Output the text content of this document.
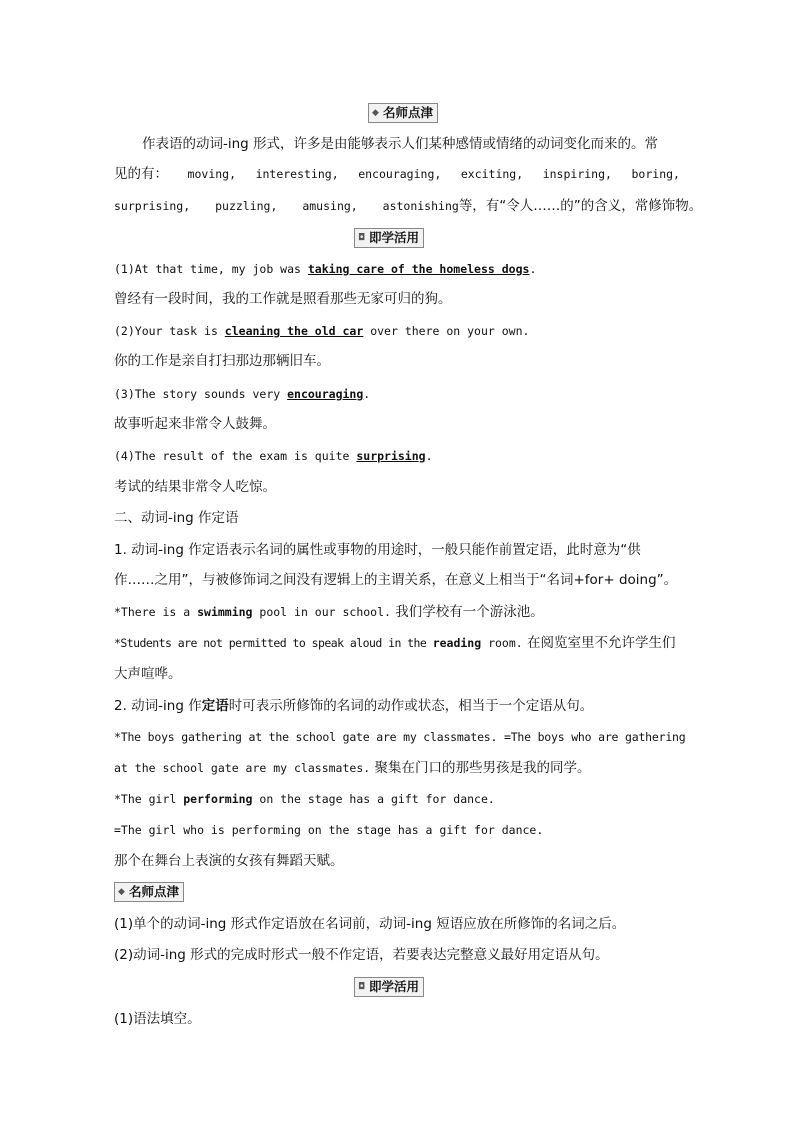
◆ 名师点津
作表语的动词-ing 形式，许多是由能够表示人们某种感情或情绪的动词变化而来的。常
见的有： moving, interesting, encouraging, exciting, inspiring, boring,
surprising, puzzling, amusing, astonishing等，有“令人……的”的含义，常修饰物。
◘ 即学活用
(1)At that time, my job was taking care of the homeless dogs.
曾经有一段时间，我的工作就是照看那些无家可归的狗。
(2)Your task is cleaning the old car over there on your own.
你的工作是亲自打扫那边那辆旧车。
(3)The story sounds very encouraging.
故事听起来非常令人鼓舞。
(4)The result of the exam is quite surprising.
考试的结果非常令人吃惊。
二、动词-ing 作定语
1. 动词-ing 作定语表示名词的属性或事物的用途时，一般只能作前置定语，此时意为“供
作……之用”，与被修饰词之间没有逻辑上的主谓关系，在意义上相当于“名词+for+ doing”。
*There is a swimming pool in our school. 我们学校有一个游泳池。
*Students are not permitted to speak aloud in the reading room. 在阅览室里不允许学生们
大声喧哗。
2. 动词-ing 作定语时可表示所修饰的名词的动作或状态，相当于一个定语从句。
*The boys gathering at the school gate are my classmates. =The boys who are gathering
at the school gate are my classmates. 聚集在门口的那些男孩是我的同学。
*The girl performing on the stage has a gift for dance.
=The girl who is performing on the stage has a gift for dance.
那个在舞台上表演的女孩有舞蹈天赋。
◆ 名师点津
(1)单个的动词-ing 形式作定语放在名词前，动词-ing 短语应放在所修饰的名词之后。
(2)动词-ing 形式的完成时形式一般不作定语，若要表达完整意义最好用定语从句。
◘ 即学活用
(1)语法填空。
